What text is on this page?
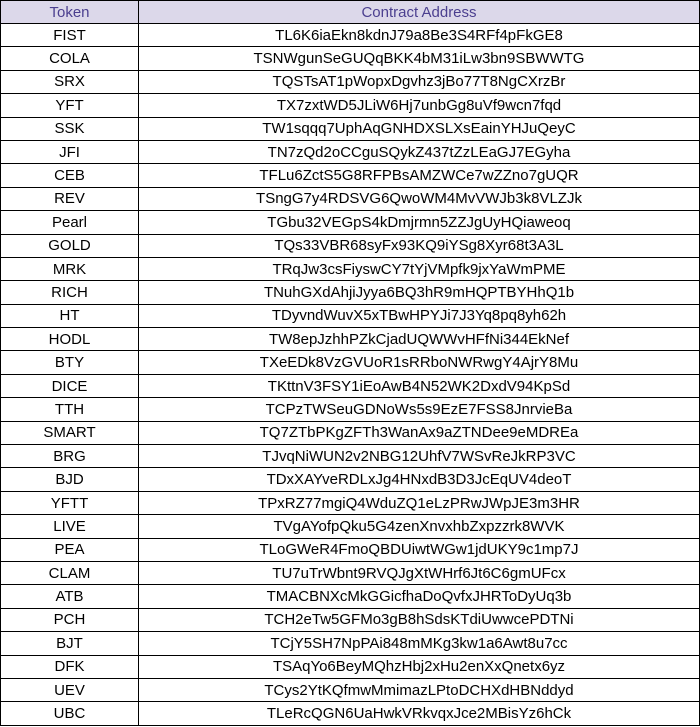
Token	Contract Address
FIST	TL6K6iaEkn8kdnJ79a8Be3S4RFf4pFkGE8
COLA	TSNWgunSeGUQqBKK4bM31iLw3bn9SBWWTG
SRX	TQSTsAT1pWopxDgvhz3jBo77T8NgCXrzBr
YFT	TX7zxtWD5JLiW6Hj7unbGg8uVf9wcn7fqd
SSK	TW1sqqq7UphAqGNHDXSLXsEainYHJuQeyC
JFI	TN7zQd2oCCguSQykZ437tZzLEaGJ7EGyha
CEB	TFLu6ZctS5G8RFPBsAMZWCe7wZZno7gUQR
REV	TSngG7y4RDSVG6QwoWM4MvVWJb3k8VLZJk
Pearl	TGbu32VEGpS4kDmjrmn5ZZJgUyHQiaweoq
GOLD	TQs33VBR68syFx93KQ9iYSg8Xyr68t3A3L
MRK	TRqJw3csFiyswCY7tYjVMpfk9jxYaWmPME
RICH	TNuhGXdAhjiJyya6BQ3hR9mHQPTBYHhQ1b
HT	TDyvndWuvX5xTBwHPYJi7J3Yq8pq8yh62h
HODL	TW8epJzhhPZkCjadUQWWvHFfNi344EkNef
BTY	TXeEDk8VzGVUoR1sRRboNWRwgY4AjrY8Mu
DICE	TKttnV3FSY1iEoAwB4N52WK2DxdV94KpSd
TTH	TCPzTWSeuGDNoWs5s9EzE7FSS8JnrvieBa
SMART	TQ7ZTbPKgZFTh3WanAx9aZTNDee9eMDREa
BRG	TJvqNiWUN2v2NBG12UhfV7WSvReJkRP3VC
BJD	TDxXAYveRDLxJg4HNxdB3D3JcEqUV4deoT
YFTT	TPxRZ77mgiQ4WduZQ1eLzPRwJWpJE3m3HR
LIVE	TVgAYofpQku5G4zenXnvxhbZxpzzrk8WVK
PEA	TLoGWeR4FmoQBDUiwtWGw1jdUKY9c1mp7J
CLAM	TU7uTrWbnt9RVQJgXtWHrf6Jt6C6gmUFcx
ATB	TMACBNXcMkGGicfhaDoQvfxJHRToDyUq3b
PCH	TCH2eTw5GFMo3gB8hSdsKTdiUwwcePDTNi
BJT	TCjY5SH7NpPAi848mMKg3kw1a6Awt8u7cc
DFK	TSAqYo6BeyMQhzHbj2xHu2enXxQnetx6yz
UEV	TCys2YtKQfmwMmimazLPtoDCHXdHBNddyd
UBC	TLeRcQGN6UaHwkVRkvqxJce2MBisYz6hCk
